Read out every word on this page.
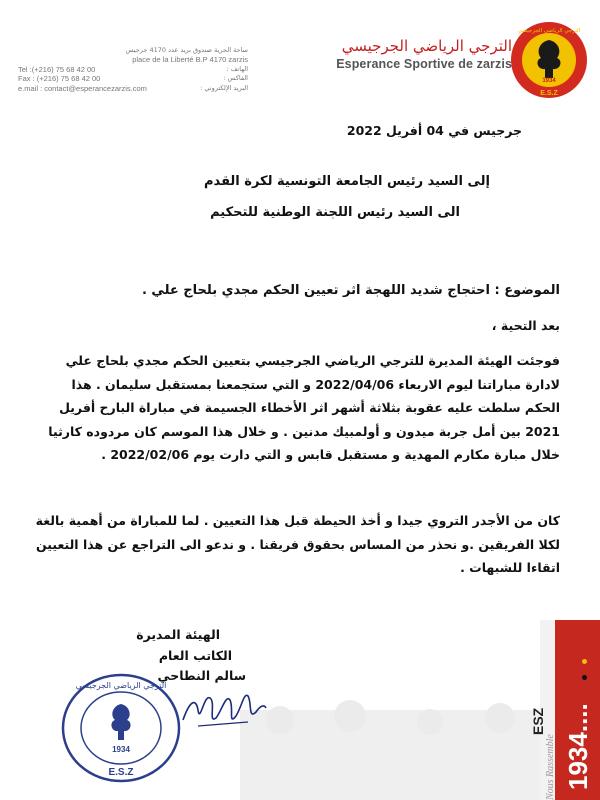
1934
E.S.Z
الترجي الرياضي الجرجيسي
الترجي الرياضي الجرجيسي
Esperance Sportive de zarzis
ساحة الحرية صندوق بريد عدد 4170 جرجيس
place de la Liberté B.P 4170 zarzis
Tel :(+216) 75 68 42 00	الهاتف :
Fax : (+216) 75 68 42 00	الفاكس :
e.mail : contact@esperancezarzis.com	البريد الإلكتروني :
جرجيس في 04 أفريل 2022
إلى السيد رئيس الجامعة التونسية لكرة القدم
الى السيد رئيس اللجنة الوطنية للتحكيم
الموضوع : احتجاج شديد اللهجة اثر تعيين الحكم مجدي بلحاج علي .
بعد التحية ،
فوجئت الهيئة المديرة للترجي الرياضي الجرجيسي بتعيين الحكم مجدي بلحاج علي لادارة مباراتنا ليوم الاربعاء 2022/04/06 و التي ستجمعنا بمستقبل سليمان . هذا الحكم سلطت عليه عقوبة بثلاثة أشهر اثر الأخطاء الجسيمة في مباراة البارح أفريل 2021 بين أمل جربة ميدون و أولمبيك مدنين . و خلال هذا الموسم كان مردوده كارثيا خلال مبارة مكارم المهدية و مستقبل قابس و التي دارت يوم 2022/02/06 .
كان من الأجدر التروي جيدا و أخذ الحيطة قبل هذا التعيين . لما للمباراة من أهمية بالغة لكلا الفريقين .و نحذر من المساس بحقوق فريقنا . و ندعو الى التراجع عن هذا التعيين اتقاءا للشبهات .
الهيئة المديرة
الكاتب العام
سالم النطاحي
1934
E.S.Z
الترجي الرياضي الجرجيسي
1934....
ESZ
Nous Rassemble
